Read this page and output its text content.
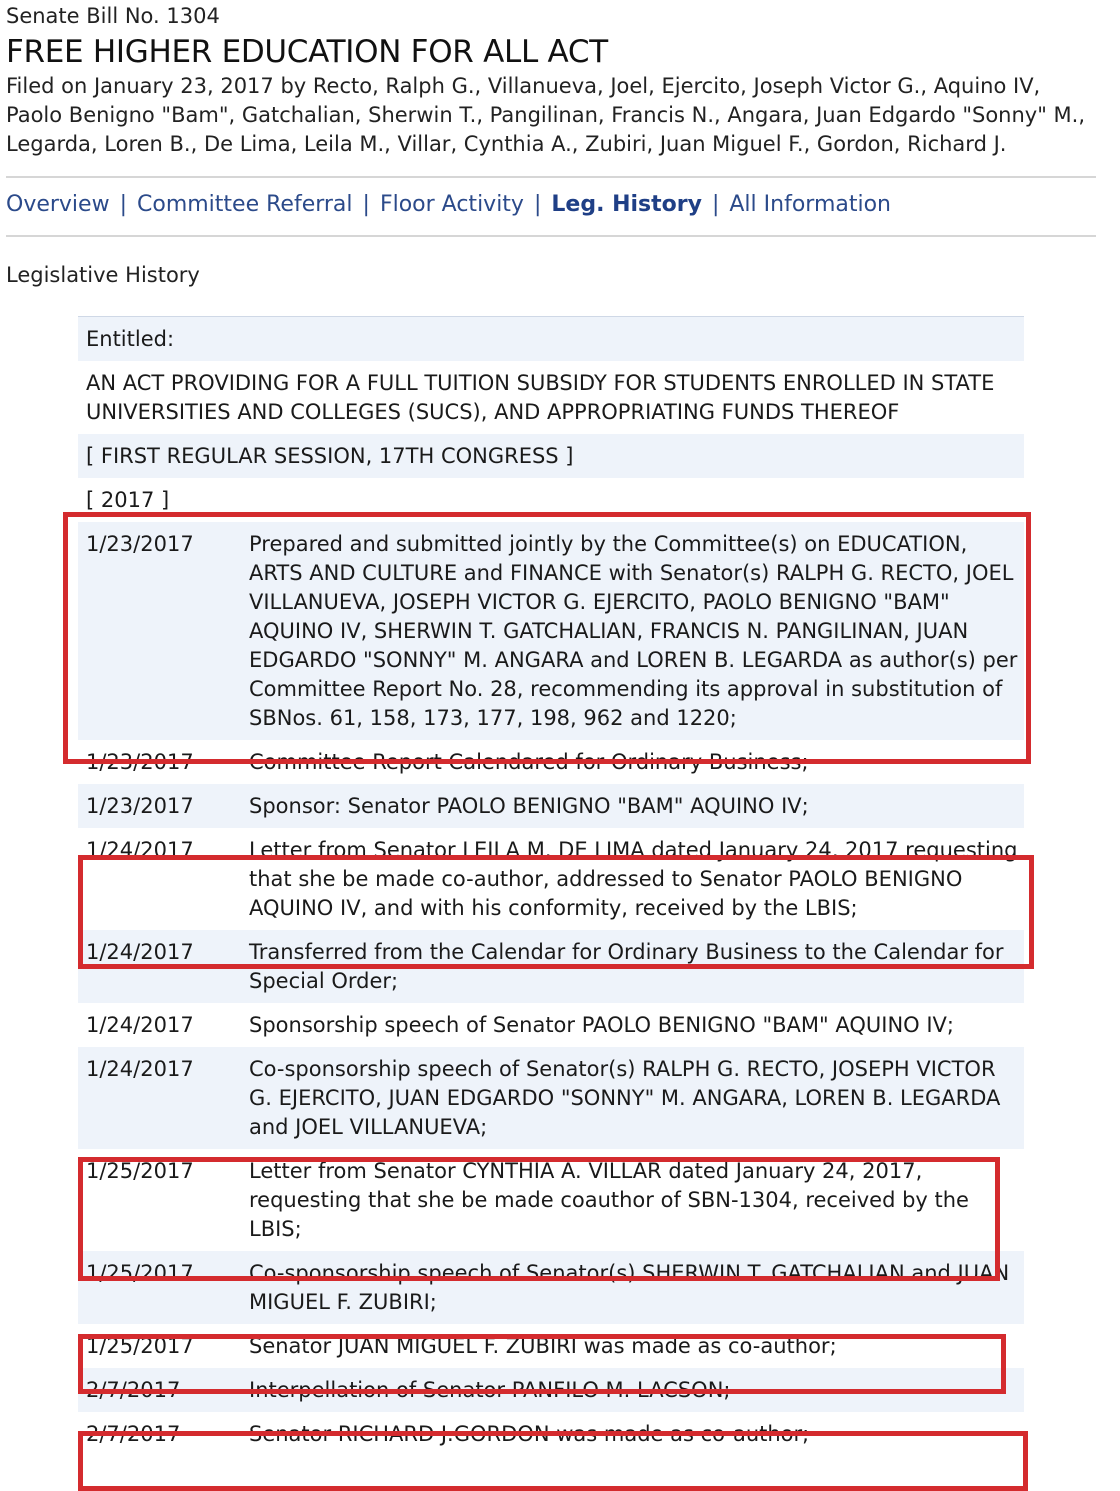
Senate Bill No. 1304
FREE HIGHER EDUCATION FOR ALL ACT
Filed on January 23, 2017 by Recto, Ralph G., Villanueva, Joel, Ejercito, Joseph Victor G., Aquino IV, Paolo Benigno "Bam", Gatchalian, Sherwin T., Pangilinan, Francis N., Angara, Juan Edgardo "Sonny" M., Legarda, Loren B., De Lima, Leila M., Villar, Cynthia A., Zubiri, Juan Miguel F., Gordon, Richard J.
Overview | Committee Referral | Floor Activity | Leg. History | All Information
Legislative History
Entitled:
AN ACT PROVIDING FOR A FULL TUITION SUBSIDY FOR STUDENTS ENROLLED IN STATE UNIVERSITIES AND COLLEGES (SUCS), AND APPROPRIATING FUNDS THEREOF
[ FIRST REGULAR SESSION, 17TH CONGRESS ]
[ 2017 ]
1/23/2017	Prepared and submitted jointly by the Committee(s) on EDUCATION, ARTS AND CULTURE and FINANCE with Senator(s) RALPH G. RECTO, JOEL VILLANUEVA, JOSEPH VICTOR G. EJERCITO, PAOLO BENIGNO "BAM" AQUINO IV, SHERWIN T. GATCHALIAN, FRANCIS N. PANGILINAN, JUAN EDGARDO "SONNY" M. ANGARA and LOREN B. LEGARDA as author(s) per Committee Report No. 28, recommending its approval in substitution of SBNos. 61, 158, 173, 177, 198, 962 and 1220;
1/23/2017	Committee Report Calendared for Ordinary Business;
1/23/2017	Sponsor: Senator PAOLO BENIGNO "BAM" AQUINO IV;
1/24/2017	Letter from Senator LEILA M. DE LIMA dated January 24, 2017 requesting that she be made co-author, addressed to Senator PAOLO BENIGNO AQUINO IV, and with his conformity, received by the LBIS;
1/24/2017	Transferred from the Calendar for Ordinary Business to the Calendar for Special Order;
1/24/2017	Sponsorship speech of Senator PAOLO BENIGNO "BAM" AQUINO IV;
1/24/2017	Co-sponsorship speech of Senator(s) RALPH G. RECTO, JOSEPH VICTOR G. EJERCITO, JUAN EDGARDO "SONNY" M. ANGARA, LOREN B. LEGARDA and JOEL VILLANUEVA;
1/25/2017	Letter from Senator CYNTHIA A. VILLAR dated January 24, 2017, requesting that she be made coauthor of SBN-1304, received by the LBIS;
1/25/2017	Co-sponsorship speech of Senator(s) SHERWIN T. GATCHALIAN and JUAN MIGUEL F. ZUBIRI;
1/25/2017	Senator JUAN MIGUEL F. ZUBIRI was made as co-author;
2/7/2017	Interpellation of Senator PANFILO M. LACSON;
2/7/2017	Senator RICHARD J.GORDON was made as co-author;
